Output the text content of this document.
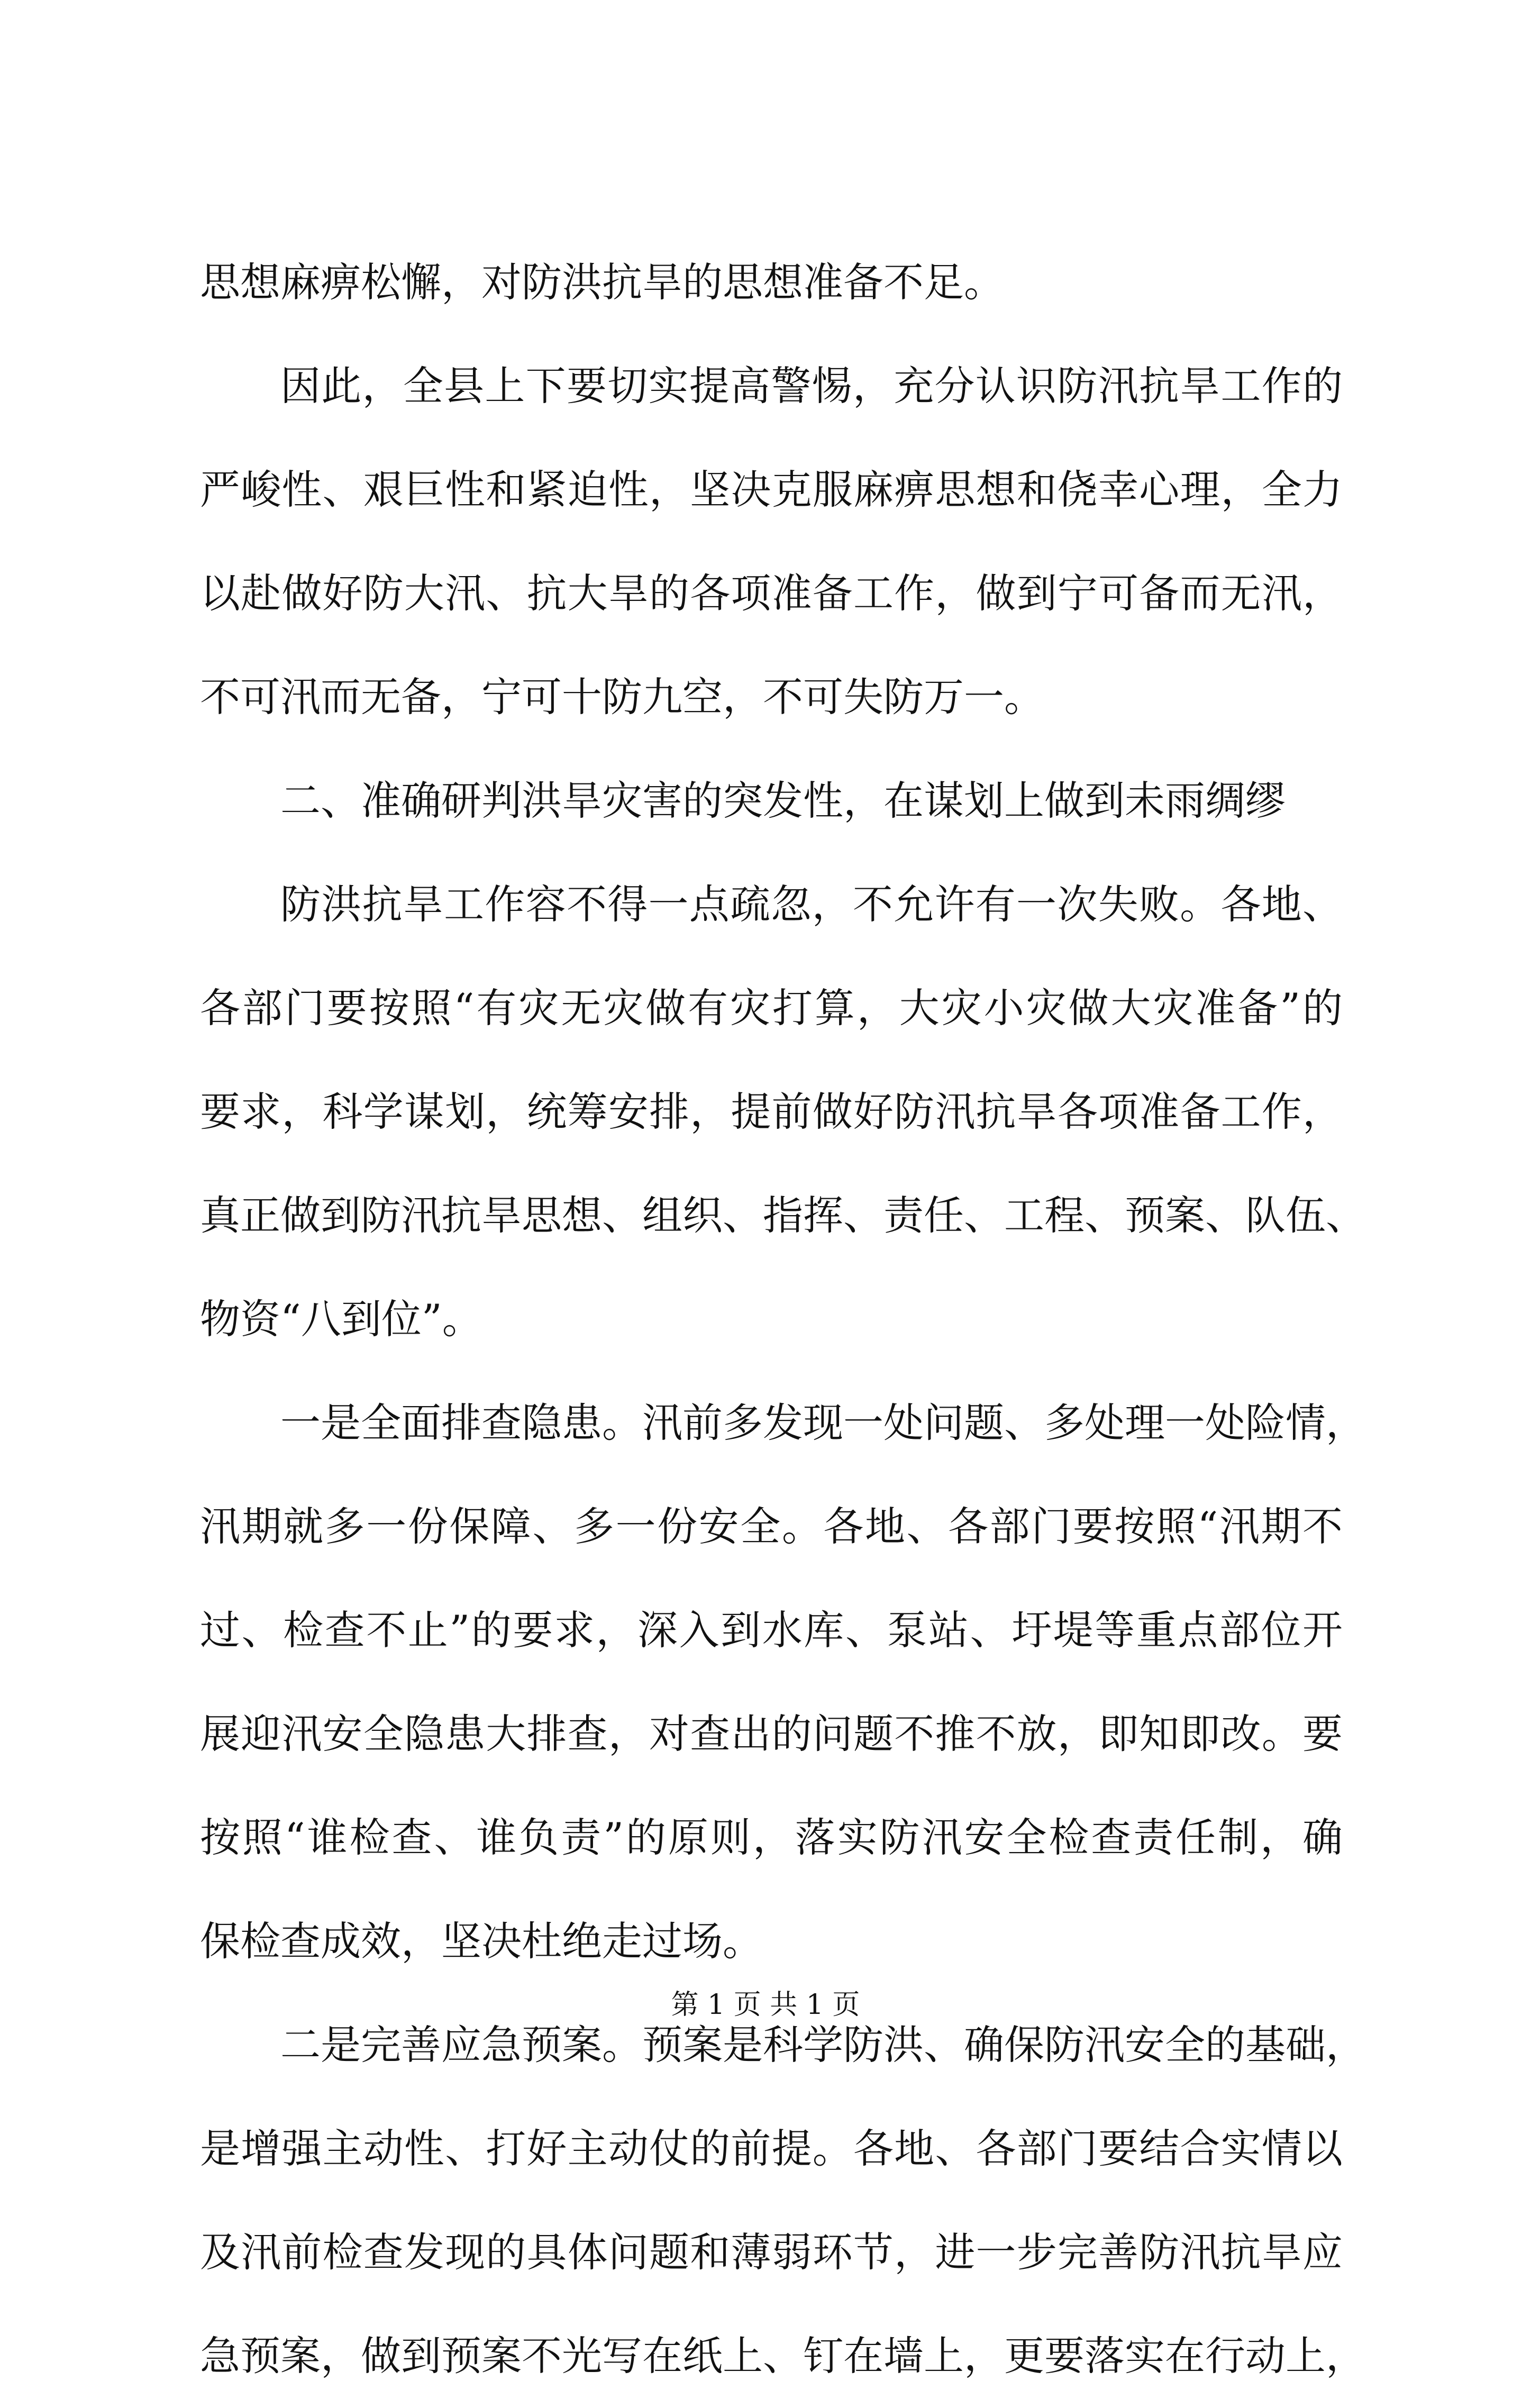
思想麻痹松懈，对防洪抗旱的思想准备不足。
因此，全县上下要切实提高警惕，充分认识防汛抗旱工作的
严峻性、艰巨性和紧迫性，坚决克服麻痹思想和侥幸心理，全力
以赴做好防大汛、抗大旱的各项准备工作，做到宁可备而无汛，
不可汛而无备，宁可十防九空，不可失防万一。
二、准确研判洪旱灾害的突发性，在谋划上做到未雨绸缪
防洪抗旱工作容不得一点疏忽，不允许有一次失败。各地、
各部门要按照“有灾无灾做有灾打算，大灾小灾做大灾准备”的
要求，科学谋划，统筹安排，提前做好防汛抗旱各项准备工作，
真正做到防汛抗旱思想、组织、指挥、责任、工程、预案、队伍、
物资“八到位”。
一是全面排查隐患。汛前多发现一处问题、多处理一处险情，
汛期就多一份保障、多一份安全。各地、各部门要按照“汛期不
过、检查不止”的要求，深入到水库、泵站、圩堤等重点部位开
展迎汛安全隐患大排查，对查出的问题不推不放，即知即改。要
按照“谁检查、谁负责”的原则，落实防汛安全检查责任制，确
保检查成效，坚决杜绝走过场。
二是完善应急预案。预案是科学防洪、确保防汛安全的基础，
是增强主动性、打好主动仗的前提。各地、各部门要结合实情以
及汛前检查发现的具体问题和薄弱环节，进一步完善防汛抗旱应
急预案，做到预案不光写在纸上、钉在墙上，更要落实在行动上，
第 1 页 共 1 页
